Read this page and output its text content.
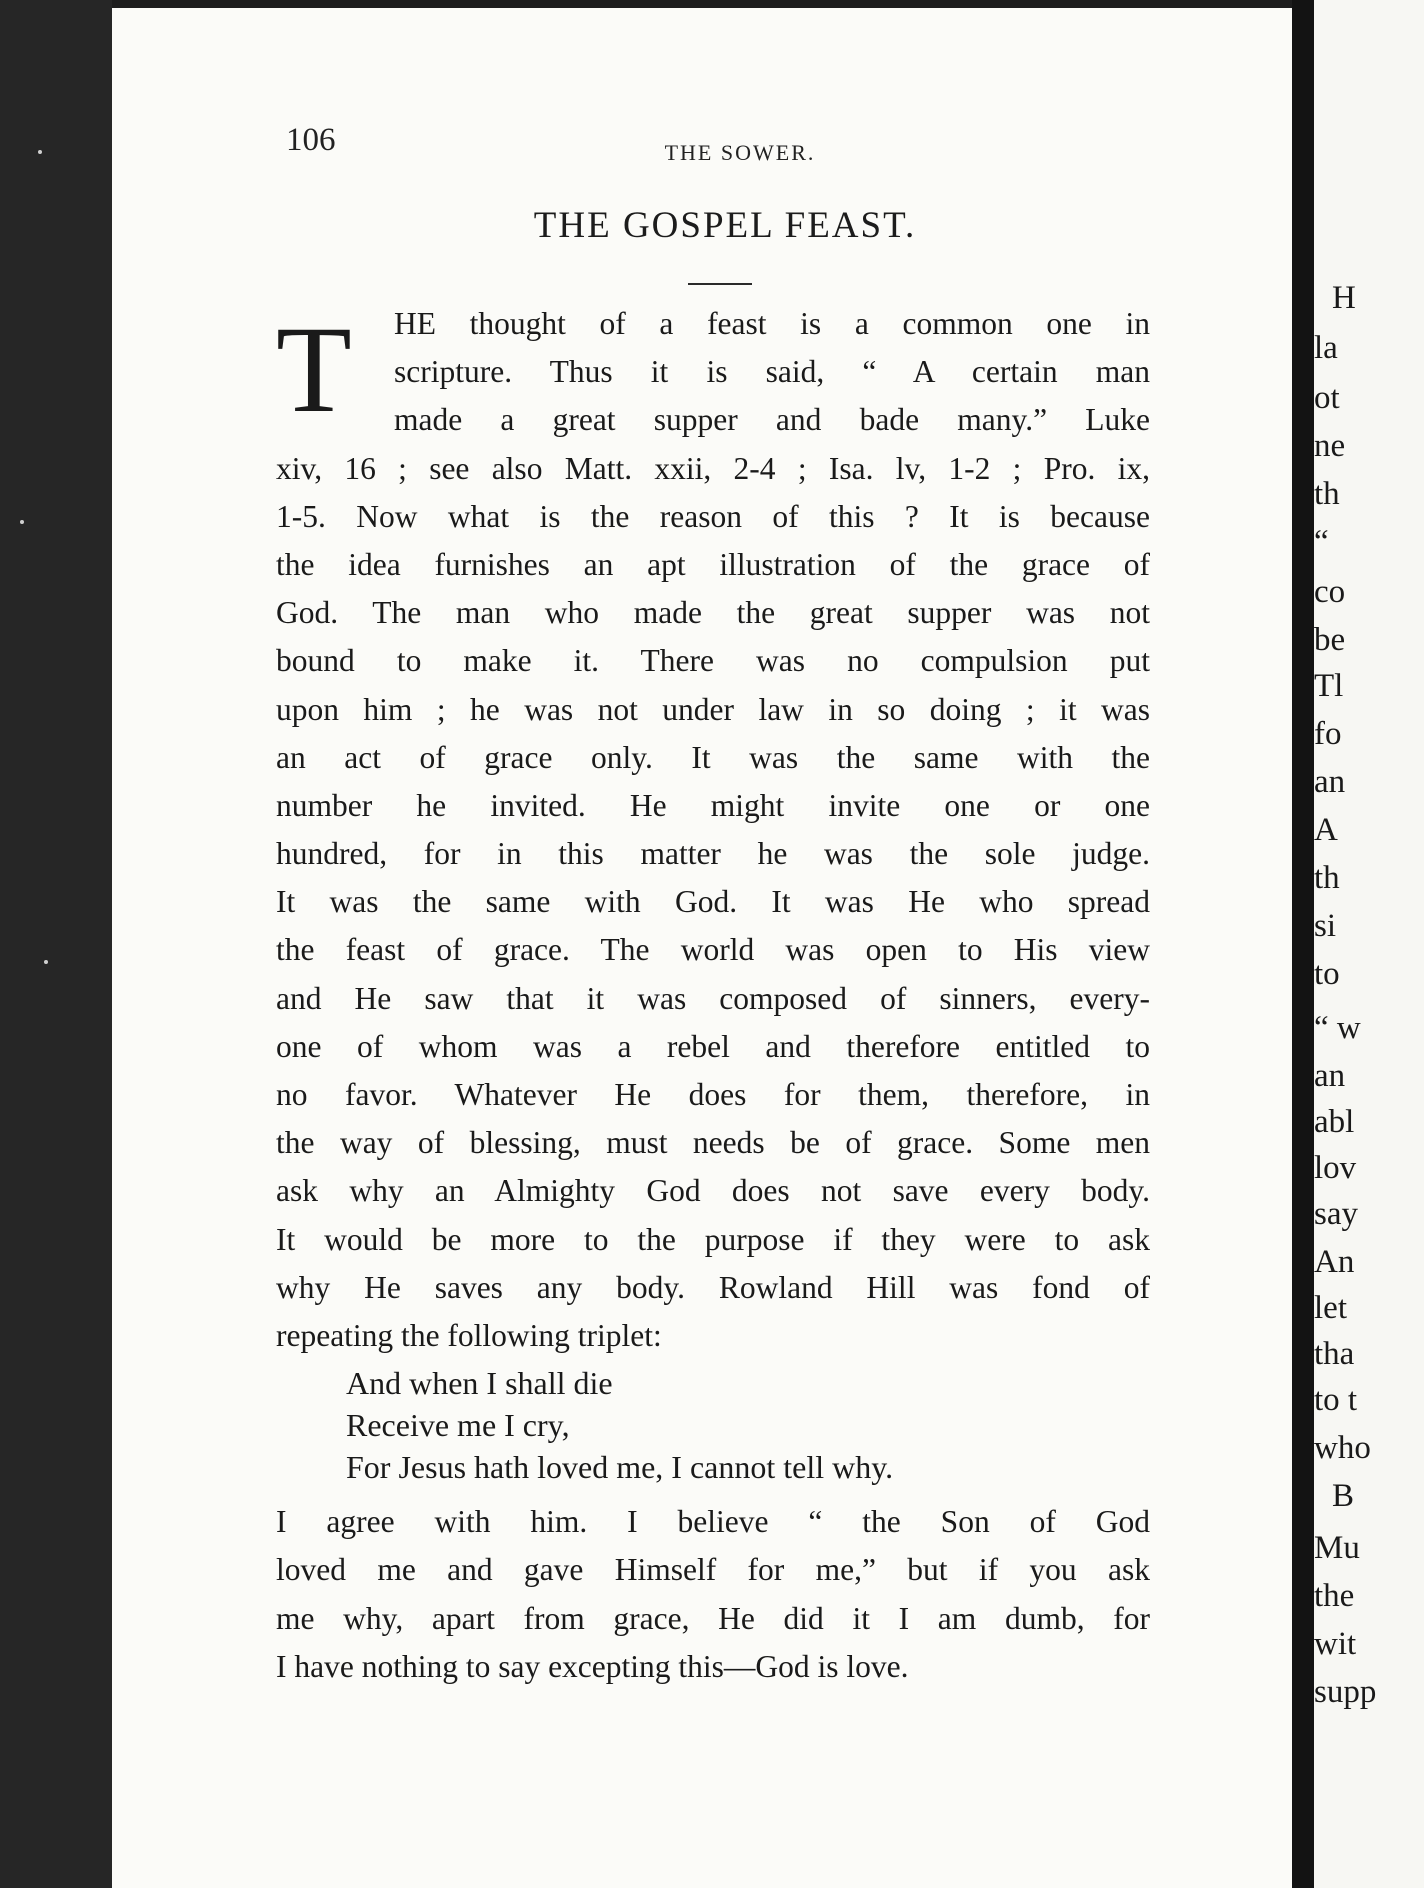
H
la
ot
ne
th
“
co
be
Tl
fo
an
A
th
si
to
“ w
an
abl
lov
say
An
let
tha
to t
who
B
Mu
the
wit
supp
106	THE SOWER.
THE GOSPEL FEAST.
T	HE thought of a feast is a common one in
scripture. Thus it is said, “ A certain man
made a great supper and bade many.” Luke
xiv, 16 ; see also Matt. xxii, 2-4 ; Isa. lv, 1-2 ; Pro. ix,
1-5. Now what is the reason of this ? It is because
the idea furnishes an apt illustration of the grace of
God. The man who made the great supper was not
bound to make it. There was no compulsion put
upon him ; he was not under law in so doing ; it was
an act of grace only. It was the same with the
number he invited. He might invite one or one
hundred, for in this matter he was the sole judge.
It was the same with God. It was He who spread
the feast of grace. The world was open to His view
and He saw that it was composed of sinners, every-
one of whom was a rebel and therefore entitled to
no favor. Whatever He does for them, therefore, in
the way of blessing, must needs be of grace. Some men
ask why an Almighty God does not save every body.
It would be more to the purpose if they were to ask
why He saves any body. Rowland Hill was fond of
repeating the following triplet:
And when I shall die
Receive me I cry,
For Jesus hath loved me, I cannot tell why.
I agree with him. I believe “ the Son of God
loved me and gave Himself for me,” but if you ask
me why, apart from grace, He did it I am dumb, for
I have nothing to say excepting this—God is love.
